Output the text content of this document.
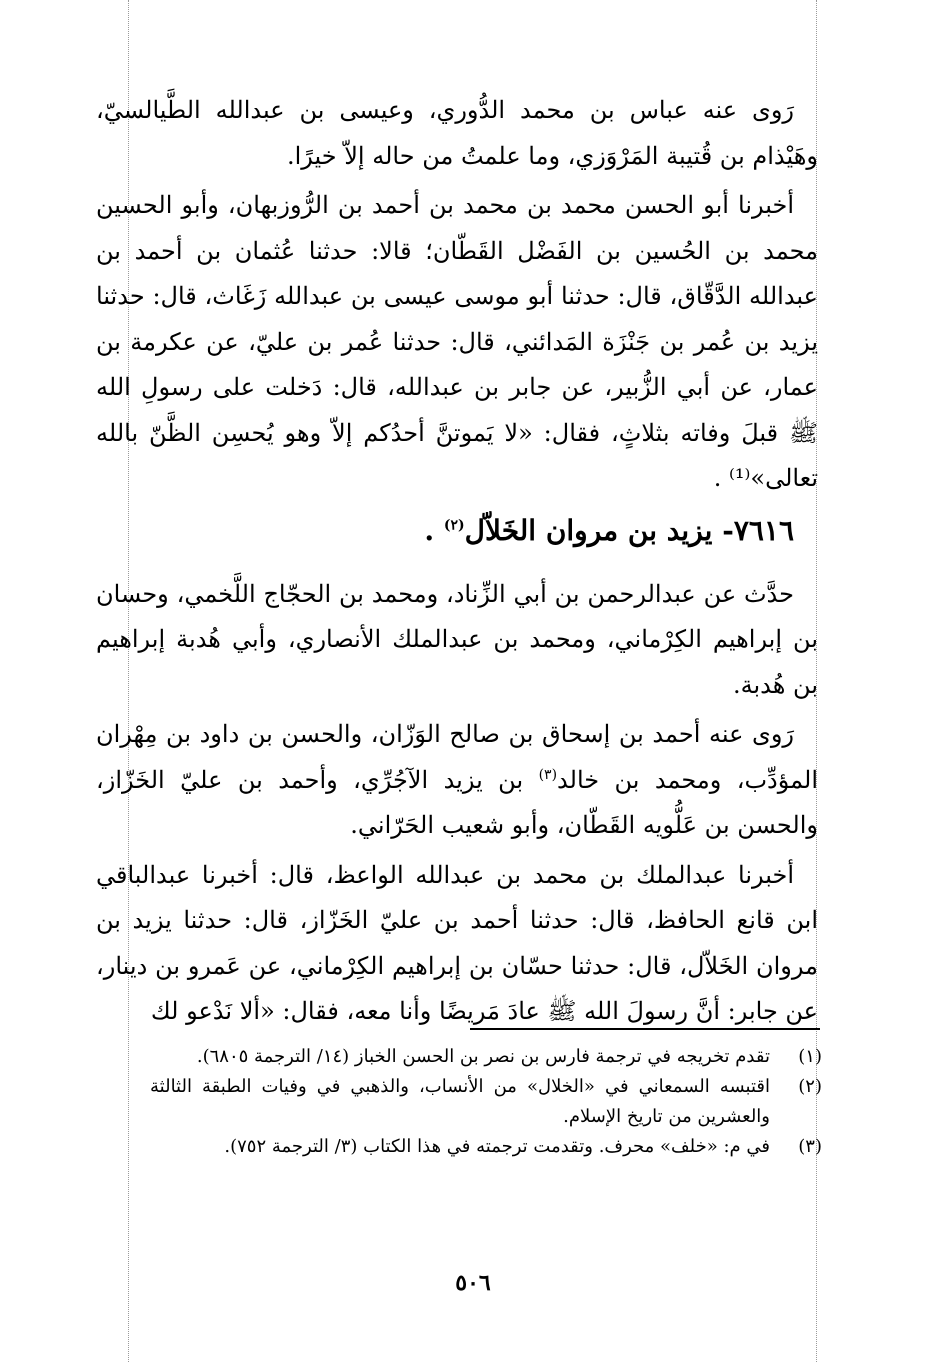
رَوى عنه عباس بن محمد الدُّوري، وعيسى بن عبدالله الطَّيالسيّ، وهَيْذام بن قُتيبة المَرْوَزي، وما علمتُ من حاله إلاّ خيرًا.

أخبرنا أبو الحسن محمد بن محمد بن أحمد بن الرُّوزبهان، وأبو الحسين محمد بن الحُسين بن الفَضْل القَطّان؛ قالا: حدثنا عُثمان بن أحمد بن عبدالله الدَّقّاق، قال: حدثنا أبو موسى عيسى بن عبدالله زَغَاث، قال: حدثنا يزيد بن عُمر بن جَنْزَة المَدائني، قال: حدثنا عُمر بن عليّ، عن عكرمة بن عمار، عن أبي الزُّبير، عن جابر بن عبدالله، قال: دَخلت على رسولِ الله ﷺ قبلَ وفاته بثلاثٍ، فقال: «لا يَموتنَّ أحدُكم إلاّ وهو يُحسِن الظَّنّ بالله تعالى»⁽¹⁾ .

٧٦١٦- يزيد بن مروان الخَلاّل$^{(٢)}$ .

حدَّث عن عبدالرحمن بن أبي الزِّناد، ومحمد بن الحجّاج اللَّخمي، وحسان بن إبراهيم الكِرْماني، ومحمد بن عبدالملك الأنصاري، وأبي هُدبة إبراهيم بن هُدبة.

رَوى عنه أحمد بن إسحاق بن صالح الوَزّان، والحسن بن داود بن مِهْران المؤدِّب، ومحمد بن خالد$^{(٣)}$ بن يزيد الآجُرِّي، وأحمد بن عليّ الخَزّاز، والحسن بن عَلُّويه القَطّان، وأبو شعيب الحَرّاني.

أخبرنا عبدالملك بن محمد بن عبدالله الواعظ، قال: أخبرنا عبدالباقي ابن قانع الحافظ، قال: حدثنا أحمد بن عليّ الخَزّاز، قال: حدثنا يزيد بن مروان الخَلاّل، قال: حدثنا حسّان بن إبراهيم الكِرْماني، عن عَمرو بن دينار، عن جابر: أنَّ رسولَ الله ﷺ عادَ مَريضًا وأنا معه، فقال: «ألا نَدْعو لك

(١)
تقدم تخريجه في ترجمة فارس بن نصر بن الحسن الخباز (١٤/ الترجمة ٦٨٠٥).
(٢)
اقتبسه السمعاني في «الخلال» من الأنساب، والذهبي في وفيات الطبقة الثالثة والعشرين من تاريخ الإسلام.
(٣)
في م: «خلف» محرف. وتقدمت ترجمته في هذا الكتاب (٣/ الترجمة ٧٥٢).
٥٠٦
